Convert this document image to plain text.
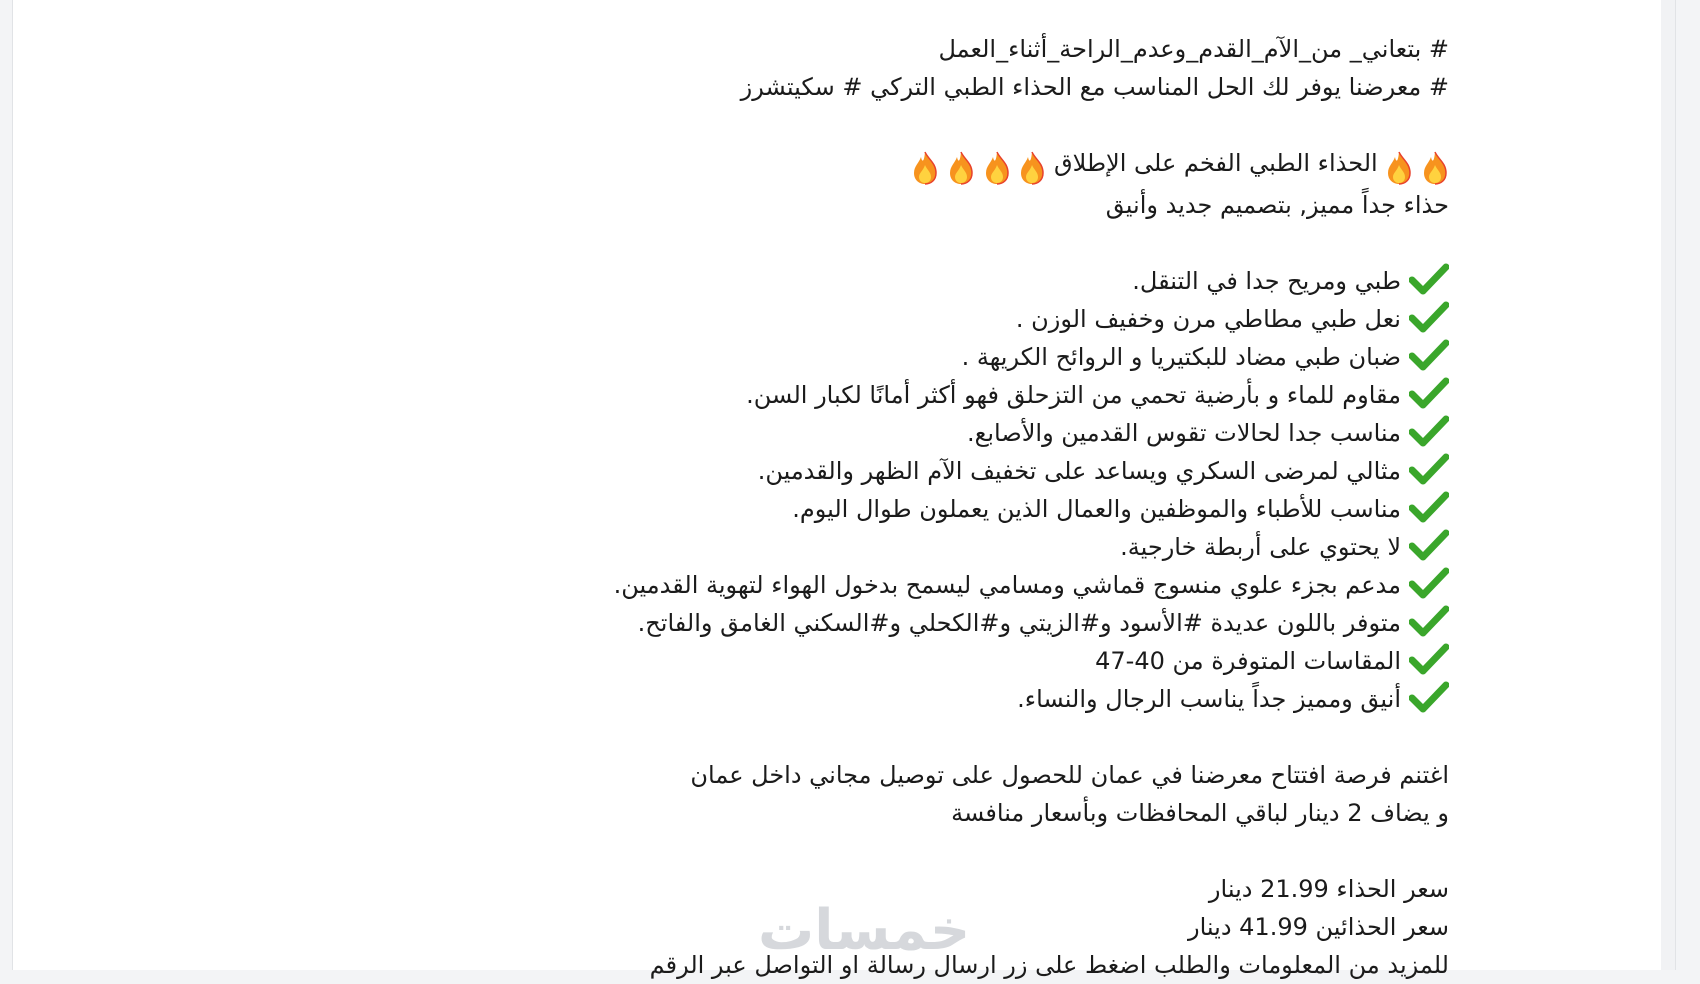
# بتعاني_ من_الآم_القدم_وعدم_الراحة_أثناء_العمل
# معرضنا يوفر لك الحل المناسب مع الحذاء الطبي التركي # سكيتشرز
الحذاء الطبي الفخم على الإطلاق
حذاء جداً مميز, بتصميم جديد وأنيق
طبي ومريح جدا في التنقل.
نعل طبي مطاطي مرن وخفيف الوزن .
ضبان طبي مضاد للبكتيريا و الروائح الكريهة .
مقاوم للماء و بأرضية تحمي من التزحلق فهو أكثر أمانًا لكبار السن.
مناسب جدا لحالات تقوس القدمين والأصابع.
مثالي لمرضى السكري ويساعد على تخفيف الآم الظهر والقدمين.
مناسب للأطباء والموظفين والعمال الذين يعملون طوال اليوم.
لا يحتوي على أربطة خارجية.
مدعم بجزء علوي منسوج قماشي ومسامي ليسمح بدخول الهواء لتهوية القدمين.
متوفر باللون عديدة #الأسود و#الزيتي و#الكحلي و#السكني الغامق والفاتح.
المقاسات المتوفرة من 40-47
أنيق ومميز جداً يناسب الرجال والنساء.
اغتنم فرصة افتتاح معرضنا في عمان للحصول على توصيل مجاني داخل عمان
و يضاف 2 دينار لباقي المحافظات وبأسعار منافسة
سعر الحذاء 21.99 دينار
سعر الحذائين 41.99 دينار
للمزيد من المعلومات والطلب اضغط على زر ارسال رسالة او التواصل عبر الرقم
خمسات
